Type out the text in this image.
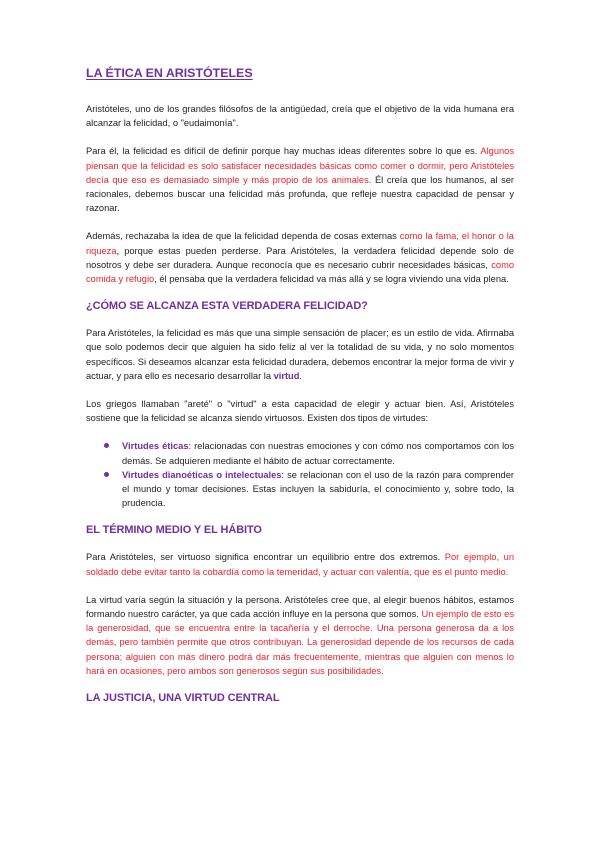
LA ÉTICA EN ARISTÓTELES

Aristóteles, uno de los grandes filósofos de la antigüedad, creía que el objetivo de la vida humana era alcanzar la felicidad, o "eudaimonía".

Para él, la felicidad es difícil de definir porque hay muchas ideas diferentes sobre lo que es. Algunos piensan que la felicidad es solo satisfacer necesidades básicas como comer o dormir, pero Aristóteles decía que eso es demasiado simple y más propio de los animales. Él creía que los humanos, al ser racionales, debemos buscar una felicidad más profunda, que refleje nuestra capacidad de pensar y razonar.

Además, rechazaba la idea de que la felicidad dependa de cosas externas como la fama, el honor o la riqueza, porque estas pueden perderse. Para Aristóteles, la verdadera felicidad depende solo de nosotros y debe ser duradera. Aunque reconocía que es necesario cubrir necesidades básicas, como comida y refugio, él pensaba que la verdadera felicidad va más allá y se logra viviendo una vida plena.

¿CÓMO SE ALCANZA ESTA VERDADERA FELICIDAD?

Para Aristóteles, la felicidad es más que una simple sensación de placer; es un estilo de vida. Afirmaba que solo podemos decir que alguien ha sido feliz al ver la totalidad de su vida, y no solo momentos específicos. Si deseamos alcanzar esta felicidad duradera, debemos encontrar la mejor forma de vivir y actuar, y para ello es necesario desarrollar la virtud.

Los griegos llamaban "areté" o "virtud" a esta capacidad de elegir y actuar bien. Así, Aristóteles sostiene que la felicidad se alcanza siendo virtuosos. Existen dos tipos de virtudes:

Virtudes éticas: relacionadas con nuestras emociones y con cómo nos comportamos con los demás. Se adquieren mediante el hábito de actuar correctamente.
Virtudes dianoéticas o intelectuales: se relacionan con el uso de la razón para comprender el mundo y tomar decisiones. Estas incluyen la sabiduría, el conocimiento y, sobre todo, la prudencia.
EL TÉRMINO MEDIO Y EL HÁBITO

Para Aristóteles, ser virtuoso significa encontrar un equilibrio entre dos extremos. Por ejemplo, un soldado debe evitar tanto la cobardía como la temeridad, y actuar con valentía, que es el punto medio.

La virtud varía según la situación y la persona. Aristóteles cree que, al elegir buenos hábitos, estamos formando nuestro carácter, ya que cada acción influye en la persona que somos. Un ejemplo de esto es la generosidad, que se encuentra entre la tacañería y el derroche. Una persona generosa da a los demás, pero también permite que otros contribuyan. La generosidad depende de los recursos de cada persona; alguien con más dinero podrá dar más frecuentemente, mientras que alguien con menos lo hará en ocasiones, pero ambos son generosos según sus posibilidades.

LA JUSTICIA, UNA VIRTUD CENTRAL
